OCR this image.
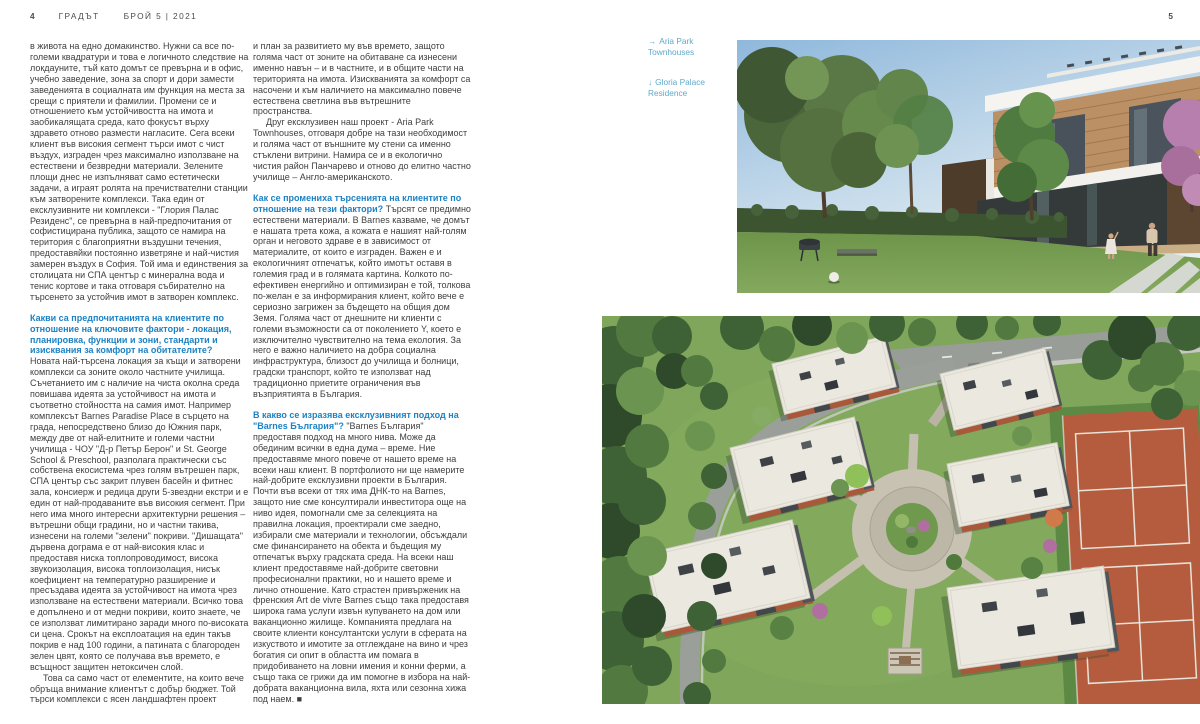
4	ГРАДЪТ	БРОЙ 5 | 2021	5

в живота на едно домакинство. Нужни са все по-големи квадратури и това е логичното следствие на локдауните, тъй като домът се превърна и в офис, учебно заведение, зона за спорт и дори замести заведенията в социалната им функция на места за срещи с приятели и фамилии. Промени се и отношението към устойчивостта на имота и заобикалящата среда, като фокусът върху здравето отново размести нагласите. Сега всеки клиент във високия сегмент търси имот с чист въздух, изграден чрез максимално използване на естествени и безвредни материали. Зелените площи днес не изпълняват само естетически задачи, а играят ролята на пречиствателни станции към затворените комплекси. Така един от ексклузивните ни комплекси - "Глория Палас Резиденс", се превърна в най-предпочитания от софистицирана публика, защото се намира на територия с благоприятни въздушни течения, предоставяйки постоянно изветряне и най-чистия замерен въздух в София. Той има и единствения за столицата ни СПА център с минерална вода и тенис кортове и така отговаря събирателно на търсенето за устойчив имот в затворен комплекс.

Какви са предпочитанията на клиентите по отношение на ключовите фактори - локация, планировка, функции и зони, стандарти и изисквания за комфорт на обитателите?

Новата най-търсена локация за къщи и затворени комплекси са зоните около частните училища. Съчетанието им с наличие на чиста околна среда повишава идеята за устойчивост на имота и съответно стойността на самия имот. Например комплексът Barnes Paradise Place в сърцето на града, непосредствено близо до Южния парк, между две от най-елитните и големи частни училища - ЧОУ "Д-р Петър Берон" и St. George School & Preschool, разполага практически със собствена екосистема чрез голям вътрешен парк, СПА център със закрит плувен басейн и фитнес зала, консиерж и редица други 5-звездни екстри и е един от най-продаваните във високия сегмент. При него има много интересни архитектурни решения – вътрешни общи градини, но и частни такива, изнесени на големи "зелени" покриви. "Дишащата" дървена дограма е от най-високия клас и предоставя ниска топлопроводимост, висока звукоизолация, висока топлоизолация, нисък коефициент на температурно разширение и пресъздава идеята за устойчивост на имота чрез използване на естествени материали. Всичко това е допълнено и от медни покриви, които знаете, че се използват лимитирано заради много по-високата си цена. Срокът на експлоатация на един такъв покрив е над 100 години, а патината с благороден зелен цвят, която се получава във времето, е всъщност защитен нетоксичен слой.

Това са само част от елементите, на които вече обръща внимание клиентът с добър бюджет. Той търси комплекси с ясен ландшафтен проект

и план за развитието му във времето, защото голяма част от зоните на обитаване са изнесени именно навън – и в частните, и в общите части на територията на имота. Изискванията за комфорт са насочени и към наличието на максимално повече естествена светлина във вътрешните пространства.

Друг ексклузивен наш проект - Aria Park Townhouses, отговаря добре на тази необходимост и голяма част от външните му стени са именно стъклени витрини. Намира се и в екологично чистия район Панчарево и отново до елитно частно училище – Англо-американското.

Как се промениха търсенията на клиентите по отношение на тези фактори? Търсят се предимно естествени материали. В Barnes казваме, че домът е нашата трета кожа, а кожата е нашият най-голям орган и неговото здраве е в зависимост от материалите, от които е изграден. Важен е и екологичният отпечатък, който имотът оставя в големия град и в голямата картина. Колкото по-ефективен енергийно и оптимизиран е той, толкова по-желан е за информирания клиент, който вече е сериозно загрижен за бъдещето на общия дом Земя. Голяма част от днешните ни клиенти с големи възможности са от поколението Y, което е изключително чувствително на тема екология. За него е важно наличието на добра социална инфраструктура, близост до училища и болници, градски транспорт, който те използват над традиционно приетите ограничения във възприятията в България.

В какво се изразява ексклузивният подход на "Barnes България"? "Barnes България" предоставя подход на много нива. Може да обединим всички в една дума – време. Ние предоставяме много повече от нашето време на всеки наш клиент. В портфолиото ни ще намерите най-добрите ексклузивни проекти в България. Почти във всеки от тях има ДНК-то на Barnes, защото ние сме консултирали инвеститора още на ниво идея, помогнали сме за селекцията на правилна локация, проектирали сме заедно, избирали сме материали и технологии, обсъждали сме финансирането на обекта и бъдещия му отпечатък върху градската среда. На всеки наш клиент предоставяме най-добрите световни професионални практики, но и нашето време и лично отношение. Като страстен привърженик на френския Art de vivre Barnes също така предоставя широка гама услуги извън купуването на дом или ваканционно жилище. Компанията предлага на своите клиенти консултантски услуги в сферата на изкуството и имотите за отглеждане на вино и чрез богатия си опит в областта им помага в придобиването на ловни имения и конни ферми, а също така се грижи да им помогне в избора на най-добрата ваканционна вила, яхта или сезонна хижа под наем. ■

→ Aria Park Townhouses
↓ Gloria Palace Residence
